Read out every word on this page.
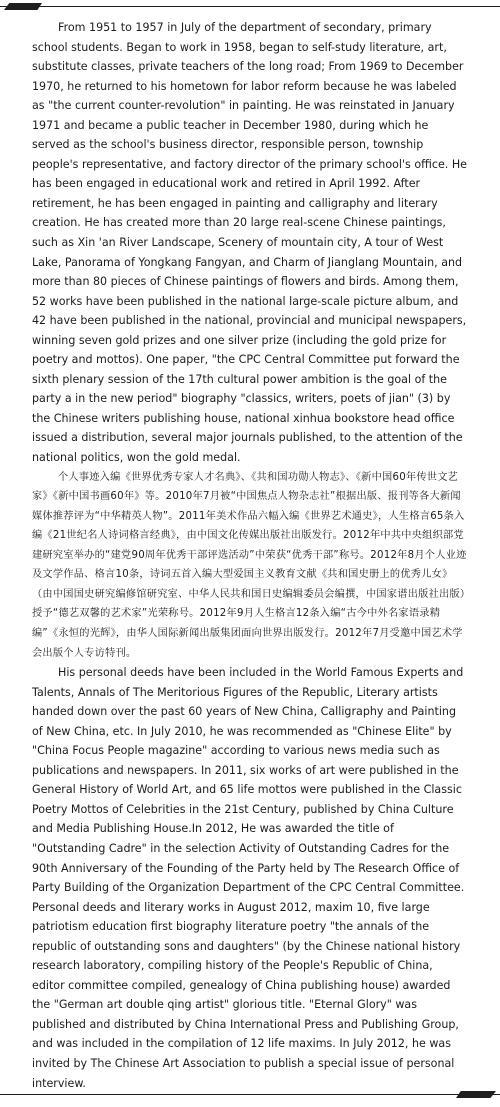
From 1951 to 1957 in July of the department of secondary, primary school students. Began to work in 1958, began to self-study literature, art, substitute classes, private teachers of the long road; From 1969 to December 1970, he returned to his hometown for labor reform because he was labeled as "the current counter-revolution" in painting. He was reinstated in January 1971 and became a public teacher in December 1980, during which he served as the school's business director, responsible person, township people's representative, and factory director of the primary school's office. He has been engaged in educational work and retired in April 1992. After retirement, he has been engaged in painting and calligraphy and literary creation. He has created more than 20 large real-scene Chinese paintings, such as Xin 'an River Landscape, Scenery of mountain city, A tour of West Lake, Panorama of Yongkang Fangyan, and Charm of Jianglang Mountain, and more than 80 pieces of Chinese paintings of flowers and birds. Among them, 52 works have been published in the national large-scale picture album, and 42 have been published in the national, provincial and municipal newspapers, winning seven gold prizes and one silver prize (including the gold prize for poetry and mottos). One paper, "the CPC Central Committee put forward the sixth plenary session of the 17th cultural power ambition is the goal of the party a in the new period" biography "classics, writers, poets of jian" (3) by the Chinese writers publishing house, national xinhua bookstore head office issued a distribution, several major journals published, to the attention of the national politics, won the gold medal.

个人事迹入编《世界优秀专家人才名典》、《共和国功勋人物志》、《新中国60年传世文艺家》《新中国书画60年》等。2010年7月被“中国焦点人物杂志社”根据出版、报刊等各大新闻媒体推荐评为“中华精英人物”。2011年美术作品六幅入编《世界艺术通史》，人生格言65条入编《21世纪名人诗词格言经典》，由中国文化传媒出版社出版发行。2012年中共中央组织部党建研究室举办的“建党90周年优秀干部评选活动”中荣获“优秀干部”称号。2012年8月个人业迹及文学作品、格言10条，诗词五首入编大型爱国主义教育文献《共和国史册上的优秀儿女》（由中国国史研究编修馆研究室、中华人民共和国日史编辑委员会编撰，中国家谱出版社出版）授予“德艺双馨的艺术家”光荣称号。2012年9月人生格言12条入编“古今中外名家语录精编”《永恒的光辉》，由华人国际新闻出版集团面向世界出版发行。2012年7月受邀中国艺术学会出版个人专访特刊。

His personal deeds have been included in the World Famous Experts and Talents, Annals of The Meritorious Figures of the Republic, Literary artists handed down over the past 60 years of New China, Calligraphy and Painting of New China, etc. In July 2010, he was recommended as "Chinese Elite" by "China Focus People magazine" according to various news media such as publications and newspapers. In 2011, six works of art were published in the General History of World Art, and 65 life mottos were published in the Classic Poetry Mottos of Celebrities in the 21st Century, published by China Culture and Media Publishing House.In 2012, He was awarded the title of "Outstanding Cadre" in the selection Activity of Outstanding Cadres for the 90th Anniversary of the Founding of the Party held by The Research Office of Party Building of the Organization Department of the CPC Central Committee. Personal deeds and literary works in August 2012, maxim 10, five large patriotism education first biography literature poetry "the annals of the republic of outstanding sons and daughters" (by the Chinese national history research laboratory, compiling history of the People's Republic of China, editor committee compiled, genealogy of China publishing house) awarded the "German art double qing artist" glorious title. "Eternal Glory" was published and distributed by China International Press and Publishing Group, and was included in the compilation of 12 life maxims. In July 2012, he was invited by The Chinese Art Association to publish a special issue of personal interview.
